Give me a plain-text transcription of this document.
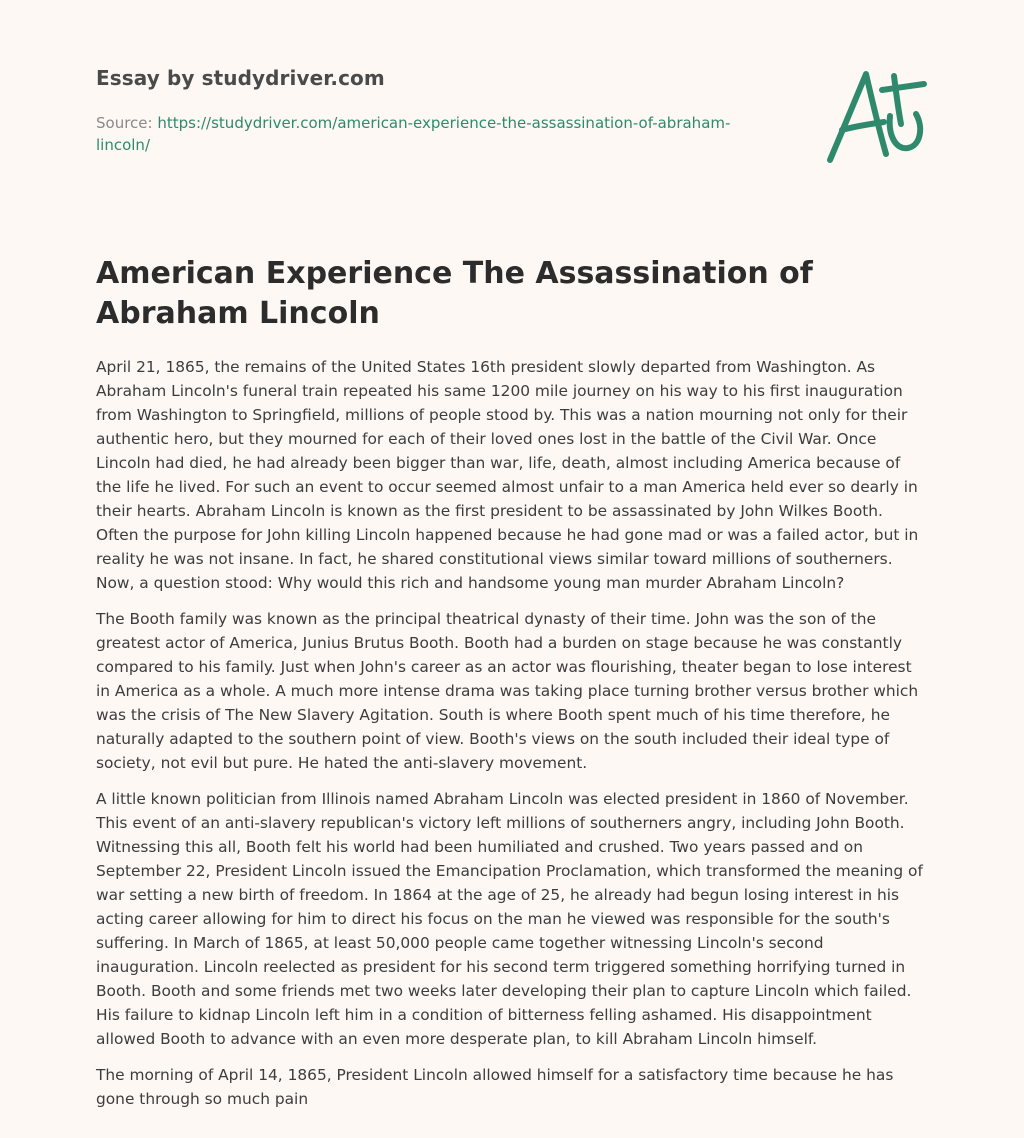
Essay by studydriver.com
Source: https://studydriver.com/american-experience-the-assassination-of-abraham-lincoln/
American Experience The Assassination of Abraham Lincoln

April 21, 1865, the remains of the United States 16th president slowly departed from Washington. As Abraham Lincoln's funeral train repeated his same 1200 mile journey on his way to his first inauguration from Washington to Springfield, millions of people stood by. This was a nation mourning not only for their authentic hero, but they mourned for each of their loved ones lost in the battle of the Civil War. Once Lincoln had died, he had already been bigger than war, life, death, almost including America because of the life he lived. For such an event to occur seemed almost unfair to a man America held ever so dearly in their hearts. Abraham Lincoln is known as the first president to be assassinated by John Wilkes Booth. Often the purpose for John killing Lincoln happened because he had gone mad or was a failed actor, but in reality he was not insane. In fact, he shared constitutional views similar toward millions of southerners. Now, a question stood: Why would this rich and handsome young man murder Abraham Lincoln?

The Booth family was known as the principal theatrical dynasty of their time. John was the son of the greatest actor of America, Junius Brutus Booth. Booth had a burden on stage because he was constantly compared to his family. Just when John's career as an actor was flourishing, theater began to lose interest in America as a whole. A much more intense drama was taking place turning brother versus brother which was the crisis of The New Slavery Agitation. South is where Booth spent much of his time therefore, he naturally adapted to the southern point of view. Booth's views on the south included their ideal type of society, not evil but pure. He hated the anti-slavery movement.

A little known politician from Illinois named Abraham Lincoln was elected president in 1860 of November. This event of an anti-slavery republican's victory left millions of southerners angry, including John Booth. Witnessing this all, Booth felt his world had been humiliated and crushed. Two years passed and on September 22, President Lincoln issued the Emancipation Proclamation, which transformed the meaning of war setting a new birth of freedom. In 1864 at the age of 25, he already had begun losing interest in his acting career allowing for him to direct his focus on the man he viewed was responsible for the south's suffering. In March of 1865, at least 50,000 people came together witnessing Lincoln's second inauguration. Lincoln reelected as president for his second term triggered something horrifying turned in Booth. Booth and some friends met two weeks later developing their plan to capture Lincoln which failed. His failure to kidnap Lincoln left him in a condition of bitterness felling ashamed. His disappointment allowed Booth to advance with an even more desperate plan, to kill Abraham Lincoln himself.

The morning of April 14, 1865, President Lincoln allowed himself for a satisfactory time because he has gone through so much pain
